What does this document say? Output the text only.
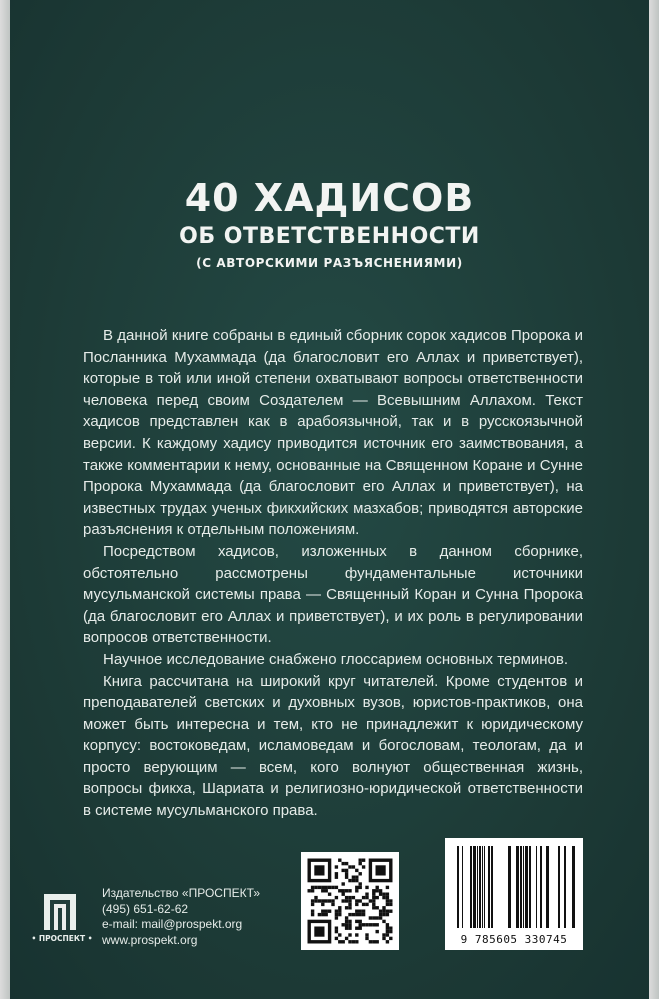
40 ХАДИСОВ
ОБ ОТВЕТСТВЕННОСТИ
(С АВТОРСКИМИ РАЗЪЯСНЕНИЯМИ)

В данной книге собраны в единый сборник сорок хадисов Пророка и Посланника Мухаммада (да благословит его Аллах и приветствует), которые в той или иной степени охватывают вопросы ответственности человека перед своим Создателем — Всевышним Аллахом. Текст хадисов представлен как в арабоязычной, так и в русскоязычной версии. К каждому хадису приводится источник его заимствования, а также комментарии к нему, основанные на Священном Коране и Сунне Пророка Мухаммада (да благословит его Аллах и приветствует), на известных трудах ученых фикхийских мазхабов; приводятся авторские разъяснения к отдельным положениям.

Посредством хадисов, изложенных в данном сборнике, обстоятельно рассмотрены фундаментальные источники мусульманской системы права — Священный Коран и Сунна Пророка (да благословит его Аллах и приветствует), и их роль в регулировании вопросов ответственности.

Научное исследование снабжено глоссарием основных терминов.

Книга рассчитана на широкий круг читателей. Кроме студентов и преподавателей светских и духовных вузов, юристов-практиков, она может быть интересна и тем, кто не принадлежит к юридическому корпусу: востоковедам, исламоведам и богословам, теологам, да и просто верующим — всем, кого волнуют общественная жизнь, вопросы фикха, Шариата и религиозно-юридической ответственности в системе мусульманского права.

• ПРОСПЕКТ •
Издательство «ПРОСПЕКТ»
(495) 651-62-62
e-mail: mail@prospekt.org
www.prospekt.org	9 785605 330745
